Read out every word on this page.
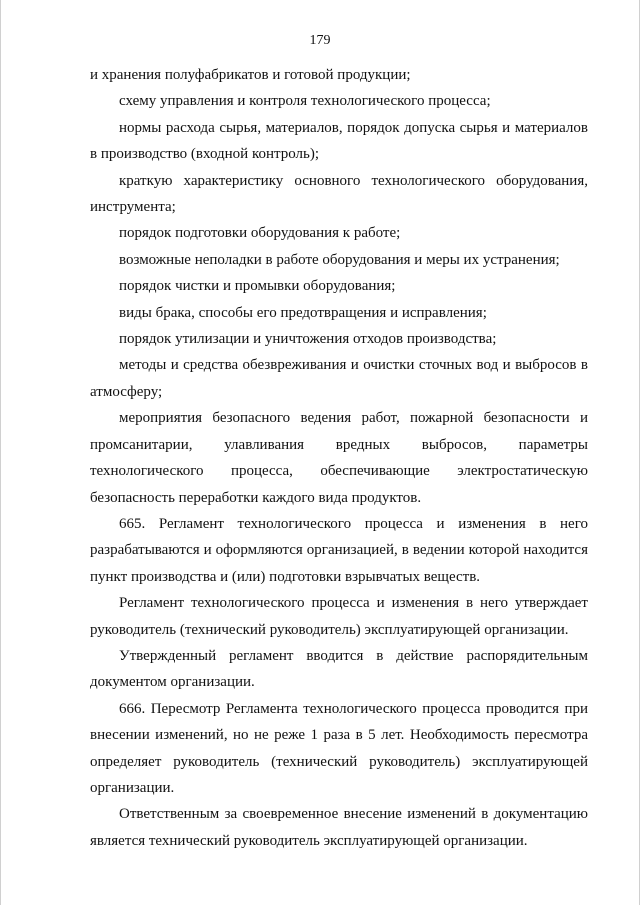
179

и хранения полуфабрикатов и готовой продукции;

схему управления и контроля технологического процесса;

нормы расхода сырья, материалов, порядок допуска сырья и материалов в производство (входной контроль);

краткую характеристику основного технологического оборудования, инструмента;

порядок подготовки оборудования к работе;

возможные неполадки в работе оборудования и меры их устранения;

порядок чистки и промывки оборудования;

виды брака, способы его предотвращения и исправления;

порядок утилизации и уничтожения отходов производства;

методы и средства обезвреживания и очистки сточных вод и выбросов в атмосферу;

мероприятия безопасного ведения работ, пожарной безопасности и промсанитарии, улавливания вредных выбросов, параметры технологического процесса, обеспечивающие электростатическую безопасность переработки каждого вида продуктов.

665. Регламент технологического процесса и изменения в него разрабатываются и оформляются организацией, в ведении которой находится пункт производства и (или) подготовки взрывчатых веществ.

Регламент технологического процесса и изменения в него утверждает руководитель (технический руководитель) эксплуатирующей организации.

Утвержденный регламент вводится в действие распорядительным документом организации.

666. Пересмотр Регламента технологического процесса проводится при внесении изменений, но не реже 1 раза в 5 лет. Необходимость пересмотра определяет руководитель (технический руководитель) эксплуатирующей организации.

Ответственным за своевременное внесение изменений в документацию является технический руководитель эксплуатирующей организации.
